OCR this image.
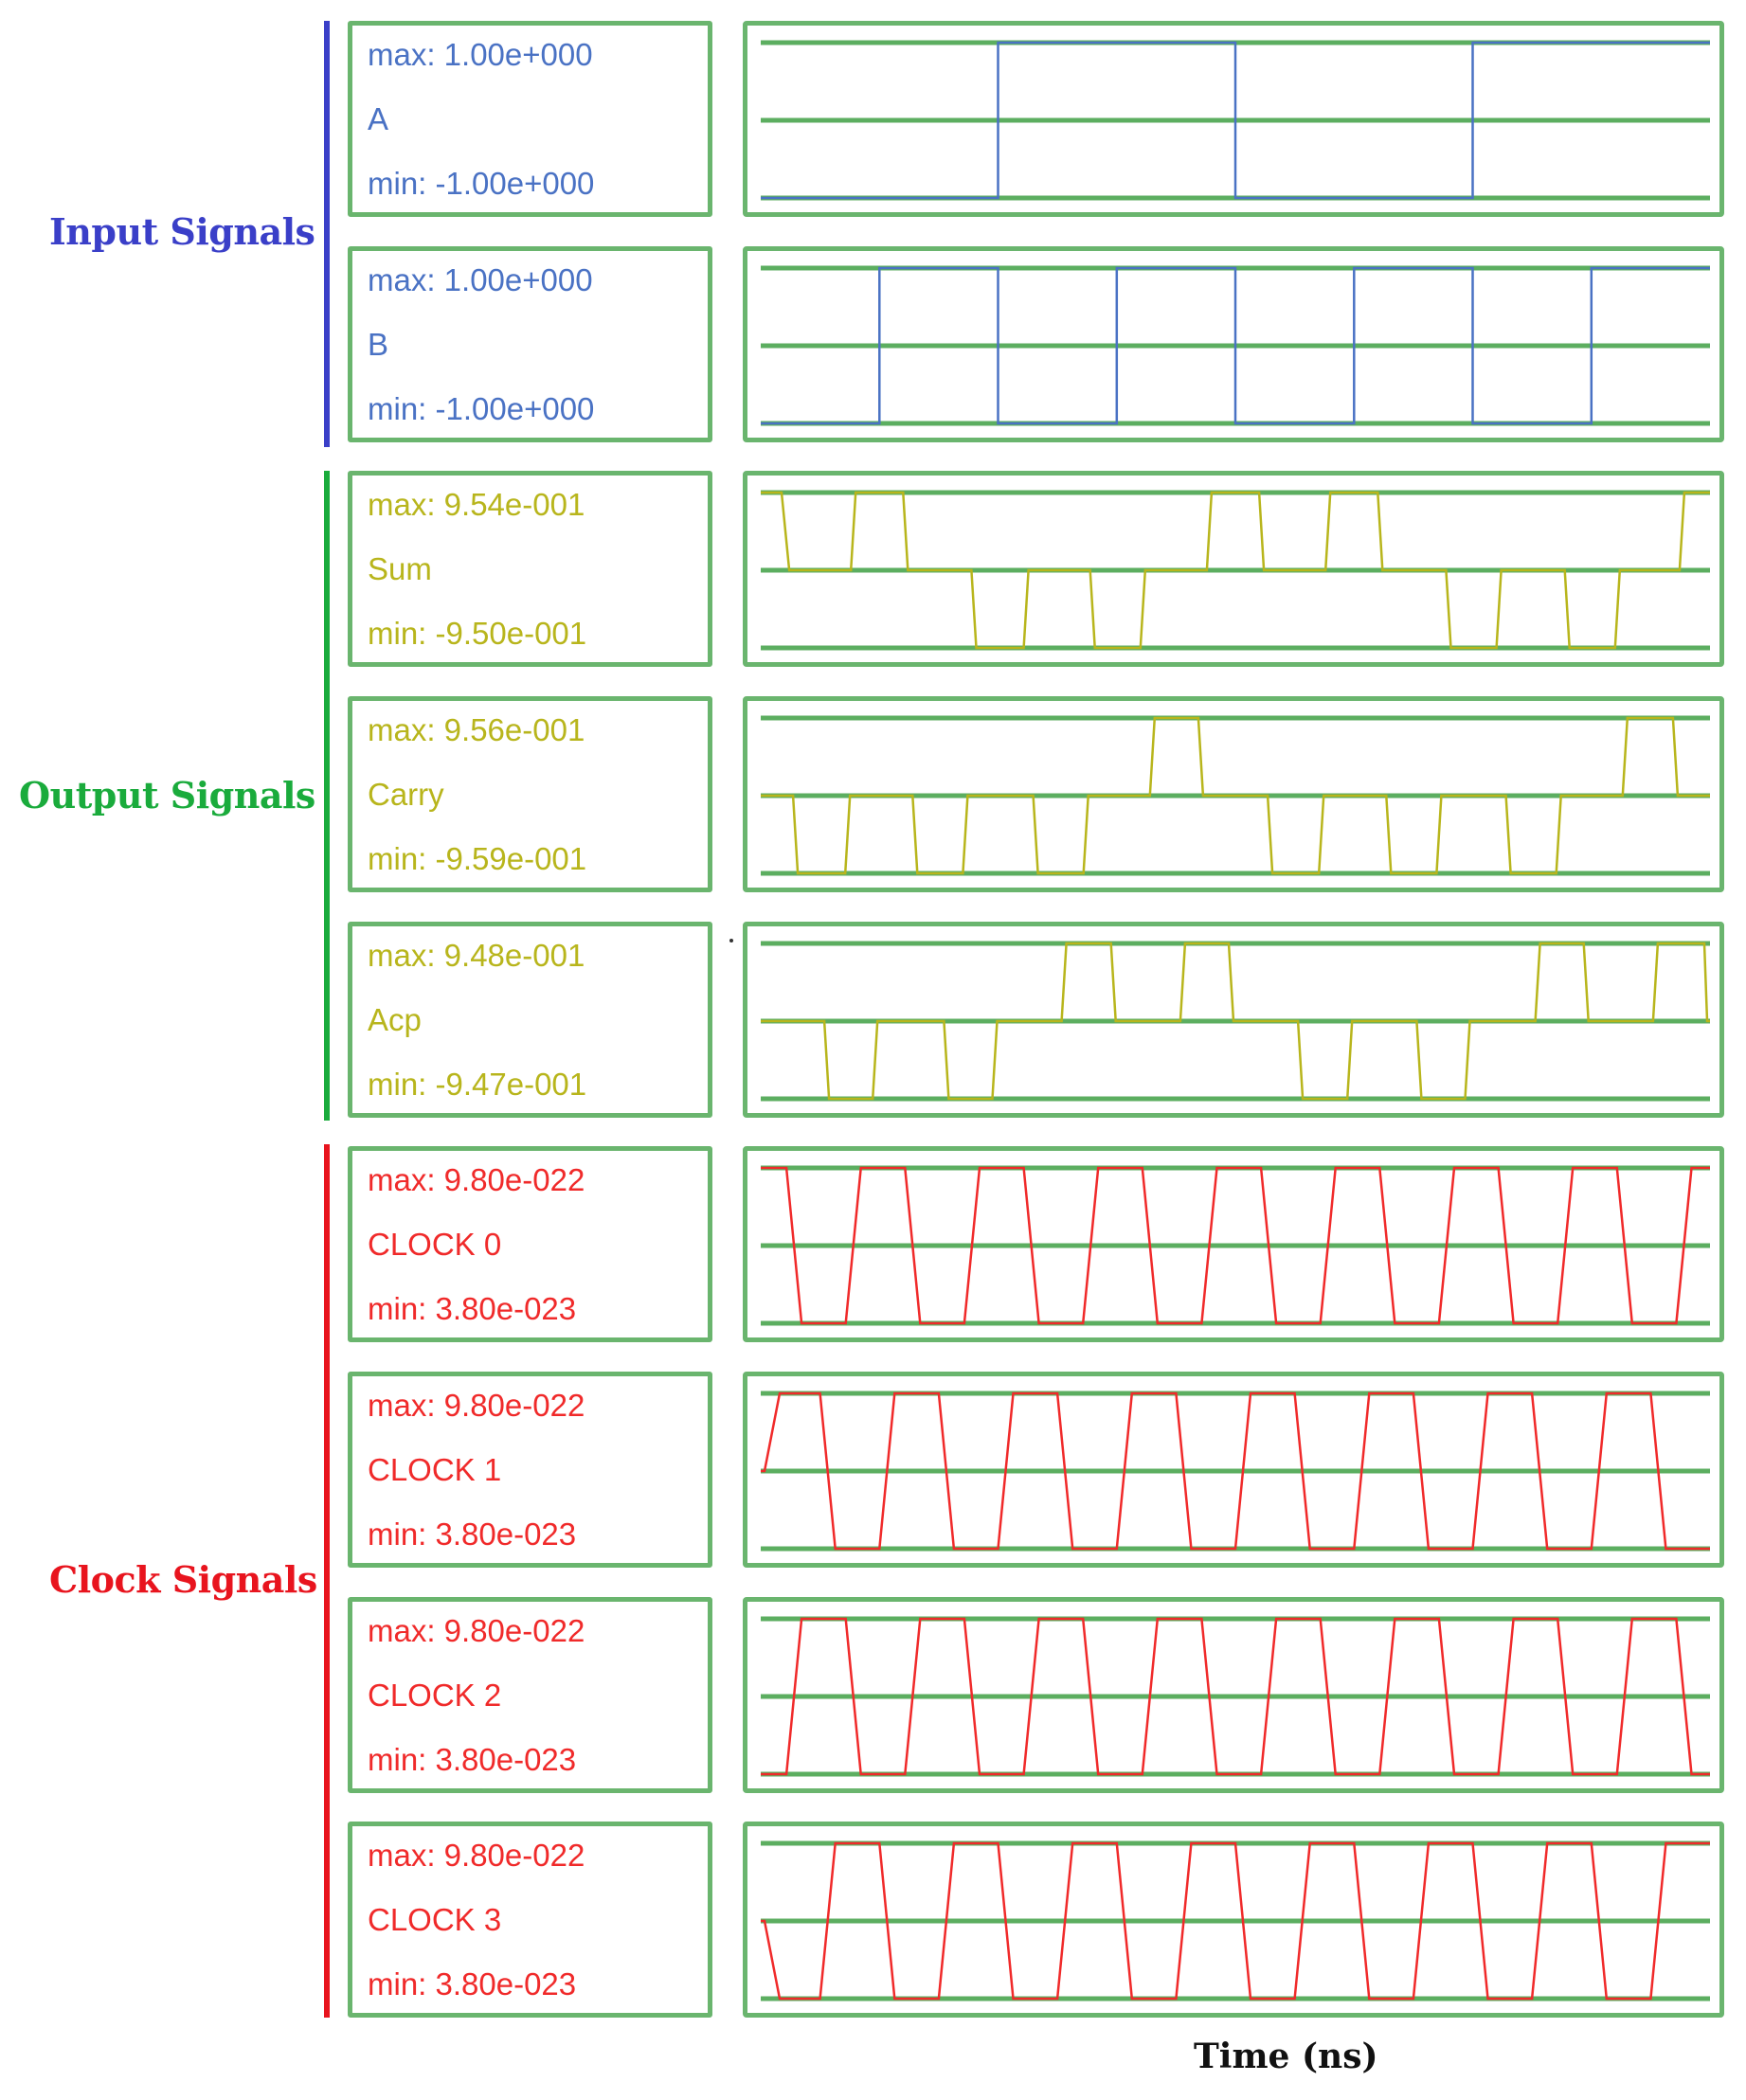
Input Signals
Output Signals
Clock Signals
max: 1.00e+000
A
min: -1.00e+000
max: 1.00e+000
B
min: -1.00e+000
max: 9.54e-001
Sum
min: -9.50e-001
max: 9.56e-001
Carry
min: -9.59e-001
max: 9.48e-001
Acp
min: -9.47e-001
max: 9.80e-022
CLOCK 0
min: 3.80e-023
max: 9.80e-022
CLOCK 1
min: 3.80e-023
max: 9.80e-022
CLOCK 2
min: 3.80e-023
max: 9.80e-022
CLOCK 3
min: 3.80e-023
Time (ns)
